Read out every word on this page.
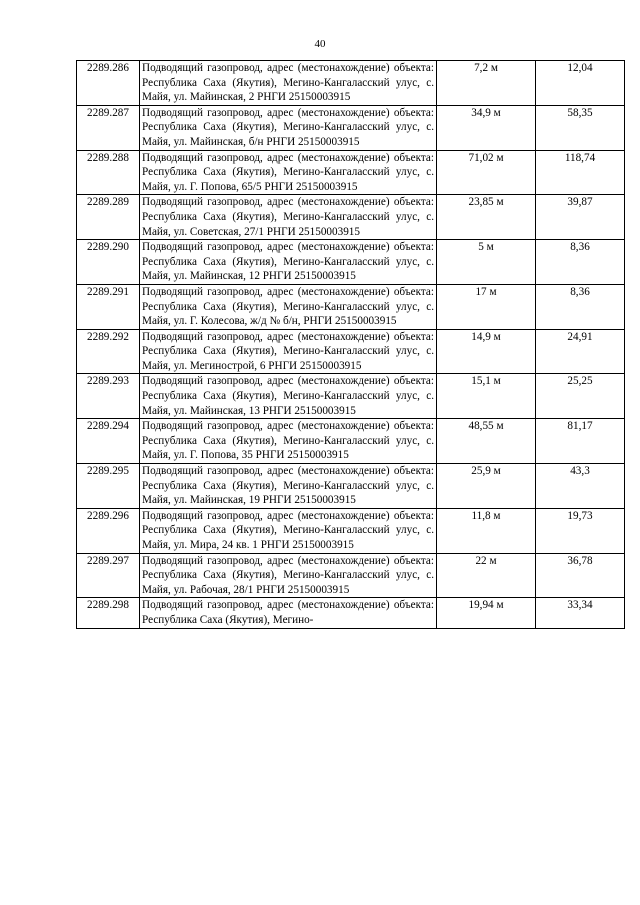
40
2289.286	Подводящий газопровод, адрес (местонахождение) объекта: Республика Саха (Якутия), Мегино-Кангаласский улус, с. Майя, ул. Майинская, 2 РНГИ 25150003915	7,2 м	12,04
2289.287	Подводящий газопровод, адрес (местонахождение) объекта: Республика Саха (Якутия), Мегино-Кангаласский улус, с. Майя, ул. Майинская, б/н РНГИ 25150003915	34,9 м	58,35
2289.288	Подводящий газопровод, адрес (местонахождение) объекта: Республика Саха (Якутия), Мегино-Кангаласский улус, с. Майя, ул. Г. Попова, 65/5 РНГИ 25150003915	71,02 м	118,74
2289.289	Подводящий газопровод, адрес (местонахождение) объекта: Республика Саха (Якутия), Мегино-Кангаласский улус, с. Майя, ул. Советская, 27/1 РНГИ 25150003915	23,85 м	39,87
2289.290	Подводящий газопровод, адрес (местонахождение) объекта: Республика Саха (Якутия), Мегино-Кангаласский улус, с. Майя, ул. Майинская, 12 РНГИ 25150003915	5 м	8,36
2289.291	Подводящий газопровод, адрес (местонахождение) объекта: Республика Саха (Якутия), Мегино-Кангаласский улус, с. Майя, ул. Г. Колесова, ж/д № б/н, РНГИ 25150003915	17 м	8,36
2289.292	Подводящий газопровод, адрес (местонахождение) объекта: Республика Саха (Якутия), Мегино-Кангаласский улус, с. Майя, ул. Мегинострой, 6 РНГИ 25150003915	14,9 м	24,91
2289.293	Подводящий газопровод, адрес (местонахождение) объекта: Республика Саха (Якутия), Мегино-Кангаласский улус, с. Майя, ул. Майинская, 13 РНГИ 25150003915	15,1 м	25,25
2289.294	Подводящий газопровод, адрес (местонахождение) объекта: Республика Саха (Якутия), Мегино-Кангаласский улус, с. Майя, ул. Г. Попова, 35 РНГИ 25150003915	48,55 м	81,17
2289.295	Подводящий газопровод, адрес (местонахождение) объекта: Республика Саха (Якутия), Мегино-Кангаласский улус, с. Майя, ул. Майинская, 19 РНГИ 25150003915	25,9 м	43,3
2289.296	Подводящий газопровод, адрес (местонахождение) объекта: Республика Саха (Якутия), Мегино-Кангаласский улус, с. Майя, ул. Мира, 24 кв. 1 РНГИ 25150003915	11,8 м	19,73
2289.297	Подводящий газопровод, адрес (местонахождение) объекта: Республика Саха (Якутия), Мегино-Кангаласский улус, с. Майя, ул. Рабочая, 28/1 РНГИ 25150003915	22 м	36,78
2289.298	Подводящий газопровод, адрес (местонахождение) объекта: Республика Саха (Якутия), Мегино-	19,94 м	33,34
